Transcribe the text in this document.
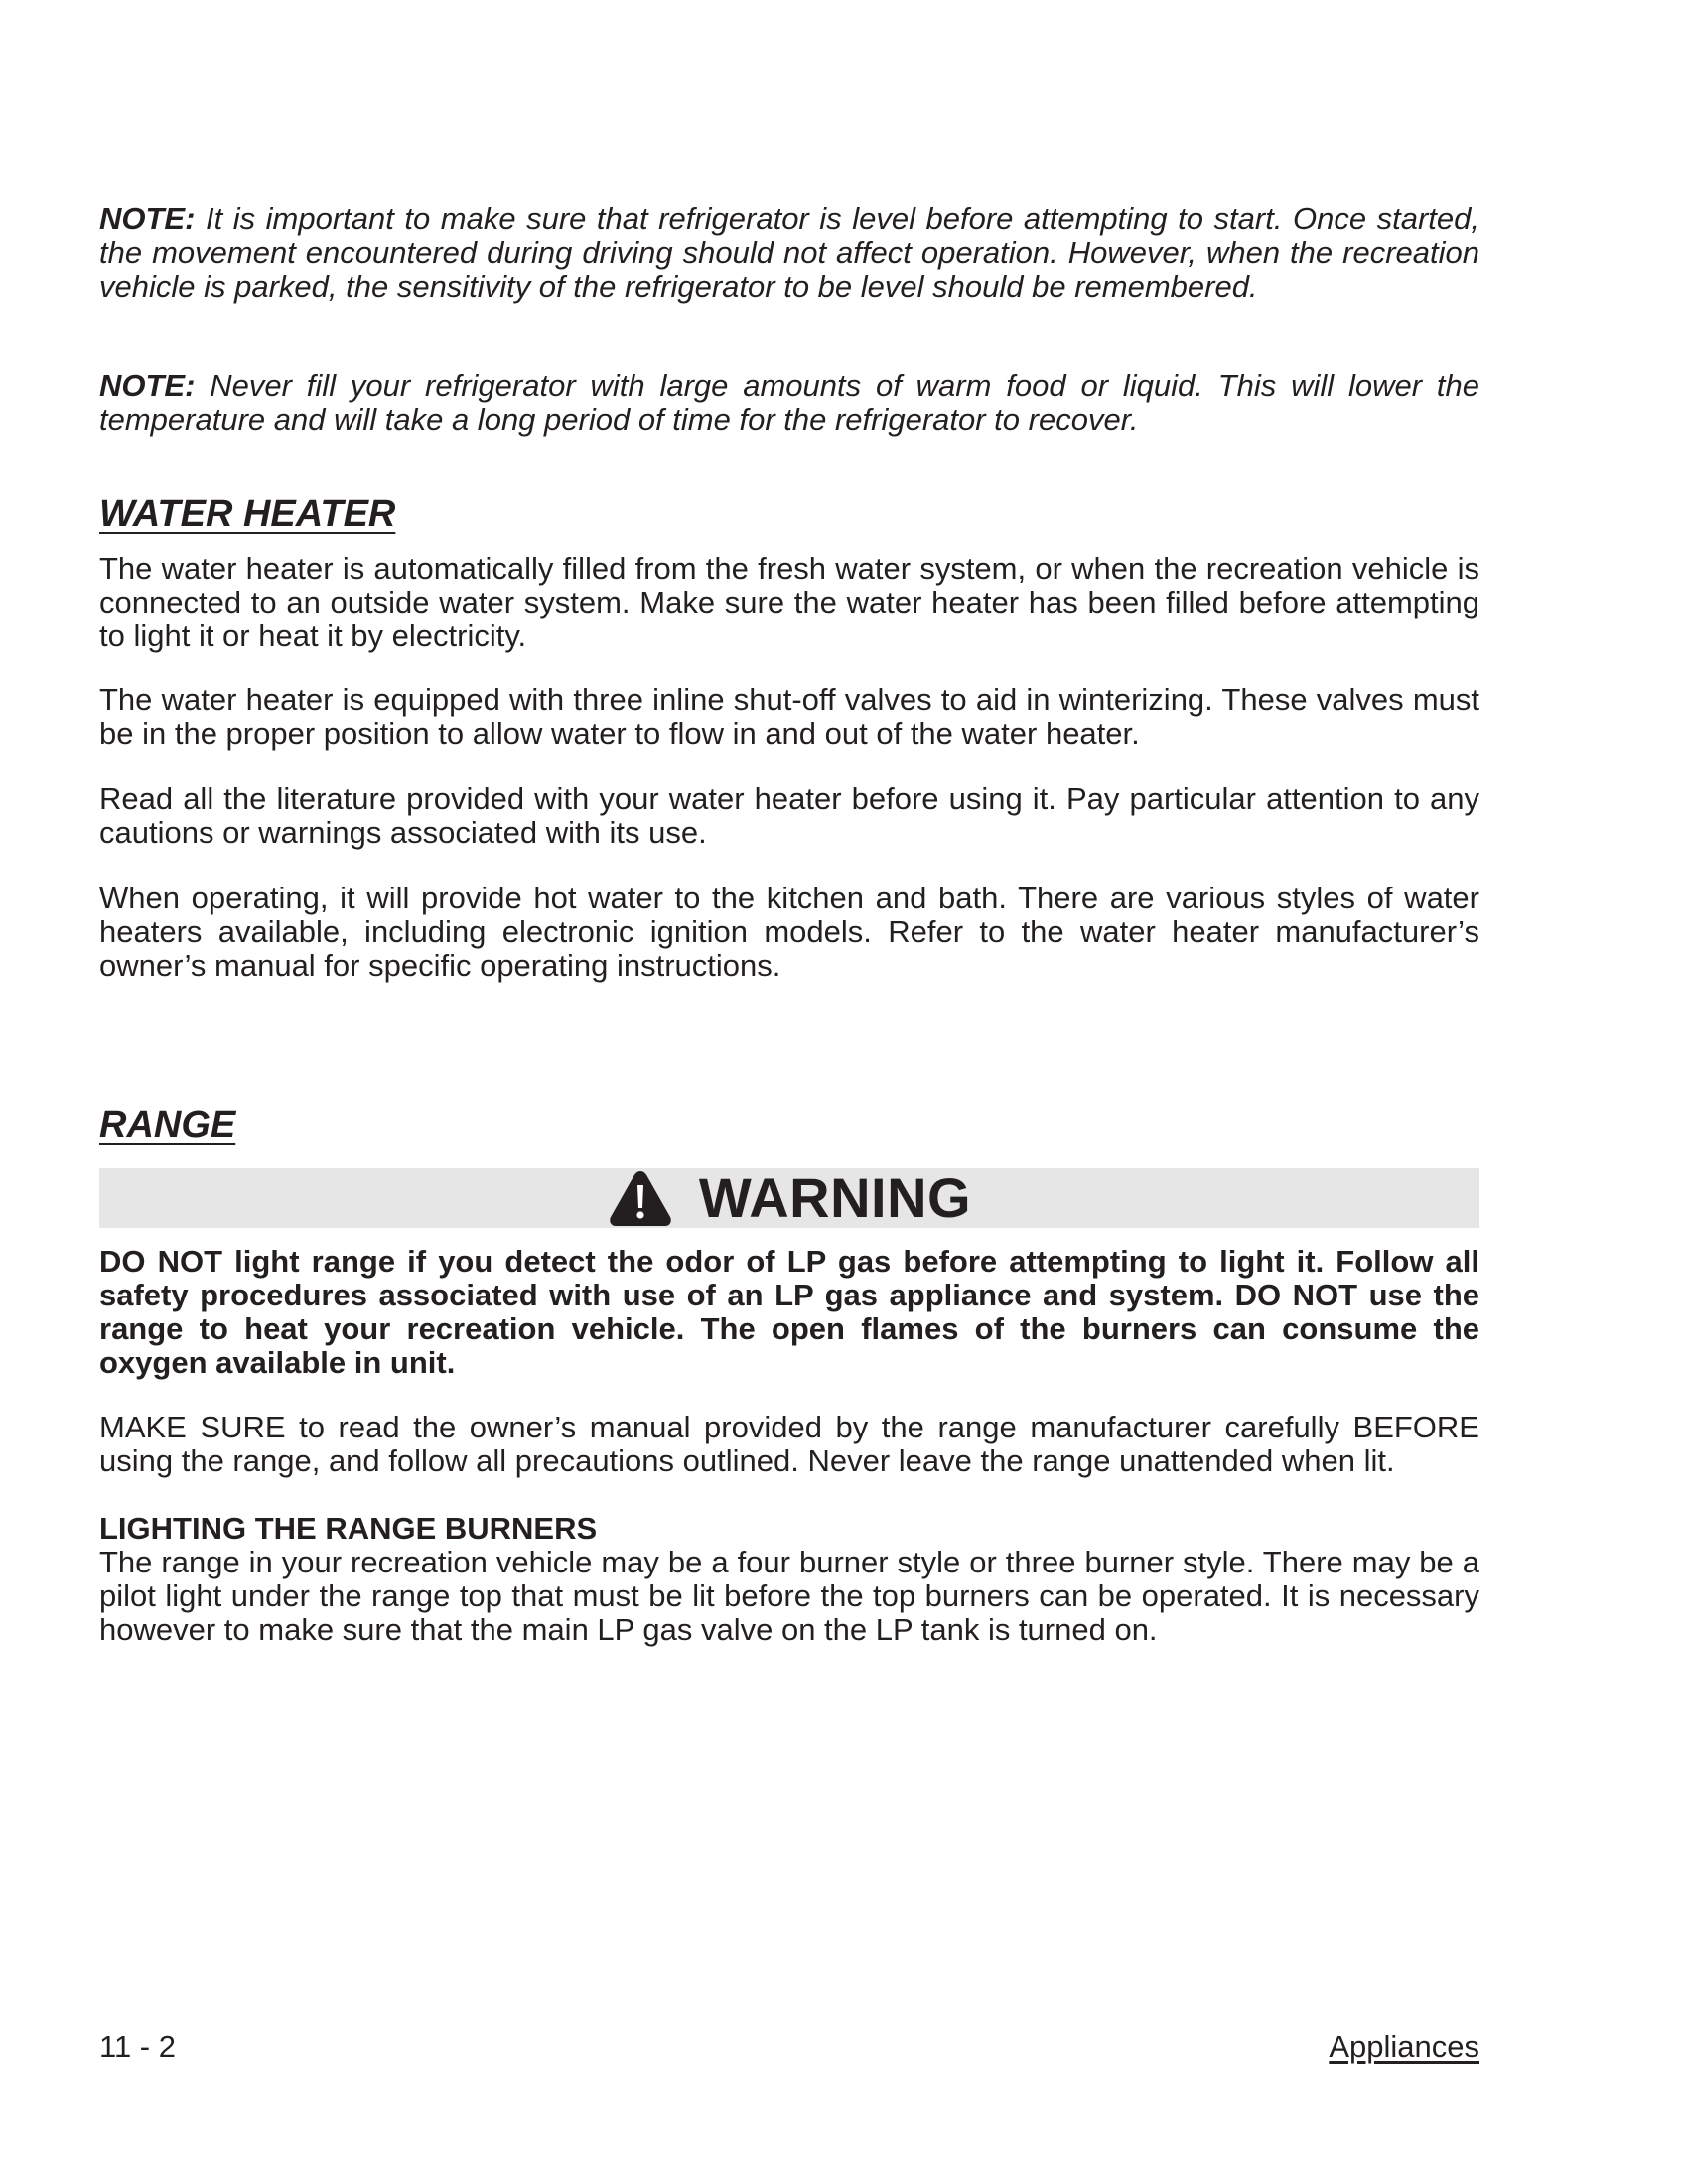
NOTE: It is important to make sure that refrigerator is level before attempting to start. Once started, the movement encountered during driving should not affect operation. However, when the recreation vehicle is parked, the sensitivity of the refrigerator to be level should be remembered.

NOTE: Never fill your refrigerator with large amounts of warm food or liquid. This will lower the temperature and will take a long period of time for the refrigerator to recover.

WATER HEATER

The water heater is automatically filled from the fresh water system, or when the recreation vehicle is connected to an outside water system. Make sure the water heater has been filled before attempting to light it or heat it by electricity.

The water heater is equipped with three inline shut-off valves to aid in winterizing. These valves must be in the proper position to allow water to flow in and out of the water heater.

Read all the literature provided with your water heater before using it. Pay particular attention to any cautions or warnings associated with its use.

When operating, it will provide hot water to the kitchen and bath. There are various styles of water heaters available, including electronic ignition models. Refer to the water heater manufacturer’s owner’s manual for specific operating instructions.

RANGE
WARNING

DO NOT light range if you detect the odor of LP gas before attempting to light it. Follow all safety procedures associated with use of an LP gas appliance and system. DO NOT use the range to heat your recreation vehicle. The open flames of the burners can consume the oxygen available in unit.

MAKE SURE to read the owner’s manual provided by the range manufacturer carefully BEFORE using the range, and follow all precautions outlined. Never leave the range unattended when lit.

LIGHTING THE RANGE BURNERS

The range in your recreation vehicle may be a four burner style or three burner style. There may be a pilot light under the range top that must be lit before the top burners can be operated. It is necessary however to make sure that the main LP gas valve on the LP tank is turned on.

11 - 2	Appliances
